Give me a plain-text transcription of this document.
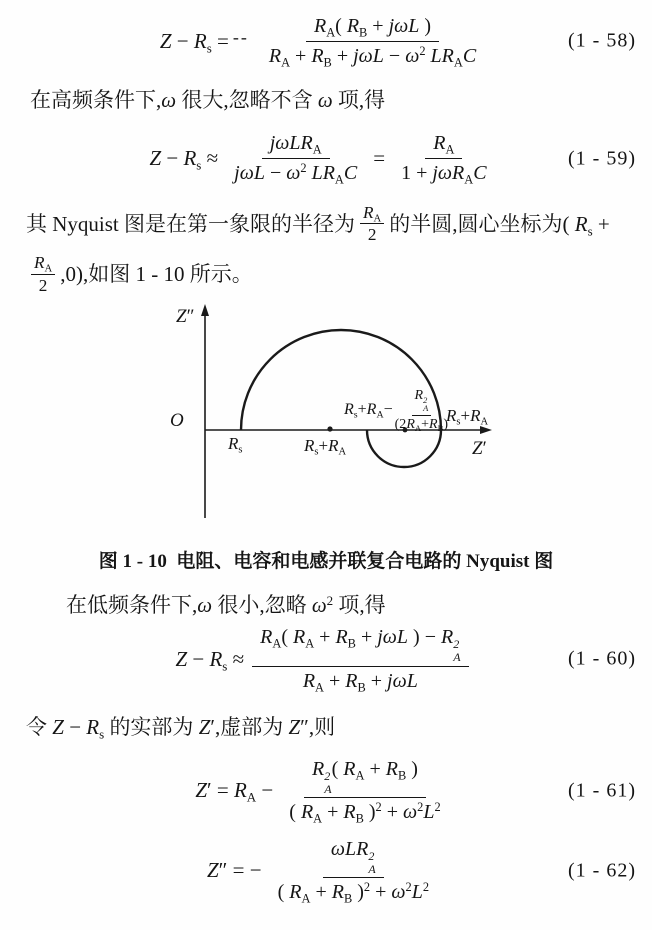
$Z - R_s$ = -- $\frac{R_A( R_B + j\omega L )}{R_A + R_B + j\omega L - \omega^2 LR_AC}$	(1 - 58)
在高频条件下,ω 很大,忽略不含 ω 项,得
$Z - R_s \approx \frac{j\omega LR_A}{j\omega L - \omega^2 LR_AC} = \frac{R_A}{1 + j\omega R_AC}$	(1 - 59)
其 Nyquist 图是在第一象限的半径为 $\frac{R_A}{2}$ 的半圆,圆心坐标为( $R_s$ +
$\frac{R_A}{2} ,0$),如图 1 - 10 所示。
Z″
O
$R_s$	$R_s+R_A$
$R_s+R_A- R$ 2
A
$(2R_A+R_B)$
$R_s+R_A$
Z′
图 1 - 10  电阻、电容和电感并联复合电路的 Nyquist 图
在低频条件下,ω 很小,忽略 $\omega^2$ 项,得
$Z - R_s \approx R_A$( $R_A + R_B + j\omega L$ ) − R 2
A
$R_A + R_B + j\omega L$	(1 - 60)
令 $Z - R_s$ 的实部为 Z′,虚部为 Z″,则
$Z' = R_A - R$ 2
A
( $R_A + R_B$ )
( $R_A + R_B$ )$^2 + \omega^2L^2$	(1 - 61)
Z″ = − ωLR 2
A
( $R_A + R_B$ )$^2 + \omega^2L^2$	(1 - 62)
